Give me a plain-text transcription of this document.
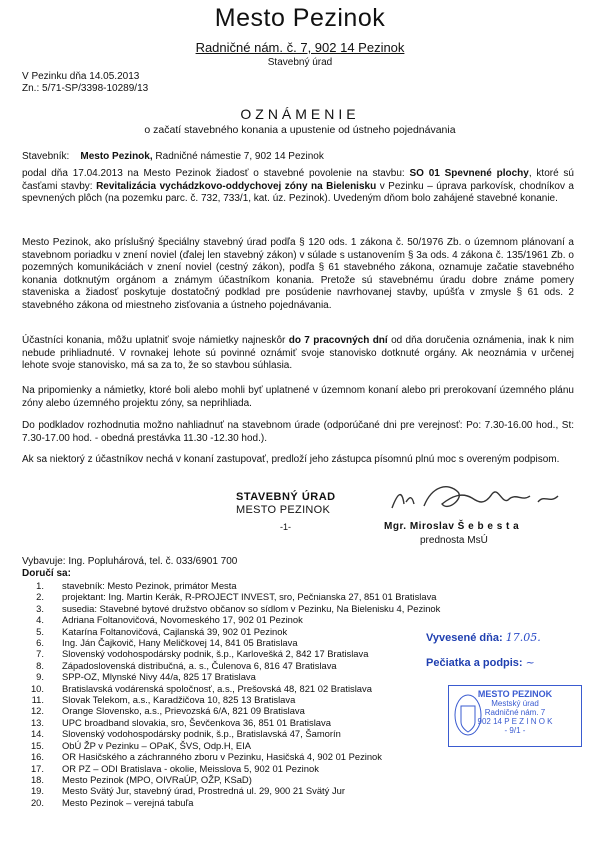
Mesto Pezinok
Radničné nám. č. 7, 902 14 Pezinok
Stavebný úrad
V Pezinku dňa 14.05.2013
Zn.: 5/71-SP/3398-10289/13
OZNÁMENIE
o začatí stavebného konania a upustenie od ústneho pojednávania
Stavebník: Mesto Pezinok, Radničné námestie 7, 902 14 Pezinok
podal dňa 17.04.2013 na Mesto Pezinok žiadosť o stavebné povolenie na stavbu: SO 01 Spevnené plochy, ktoré sú časťami stavby: Revitalizácia vychádzkovo-oddychovej zóny na Bielenisku v Pezinku – úprava parkovísk, chodníkov a spevnených plôch (na pozemku parc. č. 732, 733/1, kat. úz. Pezinok). Uvedeným dňom bolo zahájené stavebné konanie.
Mesto Pezinok, ako príslušný špeciálny stavebný úrad podľa § 120 ods. 1 zákona č. 50/1976 Zb. o územnom plánovaní a stavebnom poriadku v znení noviel (ďalej len stavebný zákon) v súlade s ustanovením § 3a ods. 4 zákona č. 135/1961 Zb. o pozemných komunikáciách v znení noviel (cestný zákon), podľa § 61 stavebného zákona, oznamuje začatie stavebného konania dotknutým orgánom a známym účastníkom konania. Pretože sú stavebnému úradu dobre známe pomery staveniska a žiadosť poskytuje dostatočný podklad pre posúdenie navrhovanej stavby, upúšťa v zmysle § 61 ods. 2 stavebného zákona od miestneho zisťovania a ústneho pojednávania.
Účastníci konania, môžu uplatniť svoje námietky najneskôr do 7 pracovných dní od dňa doručenia oznámenia, inak k nim nebude prihliadnuté. V rovnakej lehote sú povinné oznámiť svoje stanovisko dotknuté orgány. Ak neoznámia v určenej lehote svoje stanovisko, má sa za to, že so stavbou súhlasia.
Na pripomienky a námietky, ktoré boli alebo mohli byť uplatnené v územnom konaní alebo pri prerokovaní územného plánu zóny alebo územného projektu zóny, sa neprihliada.
Do podkladov rozhodnutia možno nahliadnuť na stavebnom úrade (odporúčané dni pre verejnosť: Po: 7.30-16.00 hod., St: 7.30-17.00 hod. - obedná prestávka 11.30 -12.30 hod.).
Ak sa niektorý z účastníkov nechá v konaní zastupovať, predloží jeho zástupca písomnú plnú moc s overeným podpisom.
STAVEBNÝ ÚRAD
MESTO PEZINOK
-1-	Mgr. Miroslav Š e b e s t a
prednosta MsÚ
Vybavuje: Ing. Popluhárová, tel. č. 033/6901 700
Doručí sa:
1.	stavebník: Mesto Pezinok, primátor Mesta
2.	projektant: Ing. Martin Kerák, R-PROJECT INVEST, sro, Pečnianska 27, 851 01 Bratislava
3.	susedia: Stavebné bytové družstvo občanov so sídlom v Pezinku, Na Bielenisku 4, Pezinok
4.	Adriana Foltanovičová, Novomeského 17, 902 01 Pezinok
5.	Katarína Foltanovičová, Cajlanská 39, 902 01 Pezinok
6.	Ing. Ján Čajkovič, Hany Meličkovej 14, 841 05 Bratislava
7.	Slovenský vodohospodársky podnik, š.p., Karlovešká 2, 842 17 Bratislava
8.	Západoslovenská distribučná, a. s., Čulenova 6, 816 47 Bratislava
9.	SPP-OZ, Mlynské Nivy 44/a, 825 17 Bratislava
10.	Bratislavská vodárenská spoločnosť, a.s., Prešovská 48, 821 02 Bratislava
11.	Slovak Telekom, a.s., Karadžičova 10, 825 13 Bratislava
12.	Orange Slovensko, a.s., Prievozská 6/A, 821 09 Bratislava
13.	UPC broadband slovakia, sro, Ševčenkova 36, 851 01 Bratislava
14.	Slovenský vodohospodársky podnik, š.p., Bratislavská 47, Šamorín
15.	ObÚ ŽP v Pezinku – OPaK, ŠVS, Odp.H, EIA
16.	OR Hasičského a záchranného zboru v Pezinku, Hasičská 4, 902 01 Pezinok
17.	OR PZ – ODI Bratislava - okolie, Meisslova 5, 902 01 Pezinok
18.	Mesto Pezinok (MPO, OIVRaÚP, OŽP, KSaD)
19.	Mesto Svätý Jur, stavebný úrad, Prostredná ul. 29, 900 21 Svätý Jur
20.	Mesto Pezinok – verejná tabuľa
Vyvesené dňa: 17.05.
Pečiatka a podpis: ~
MESTO PEZINOK
Mestský úrad
Radničné nám. 7
902 14 P E Z I N O K
- 9/1 -
